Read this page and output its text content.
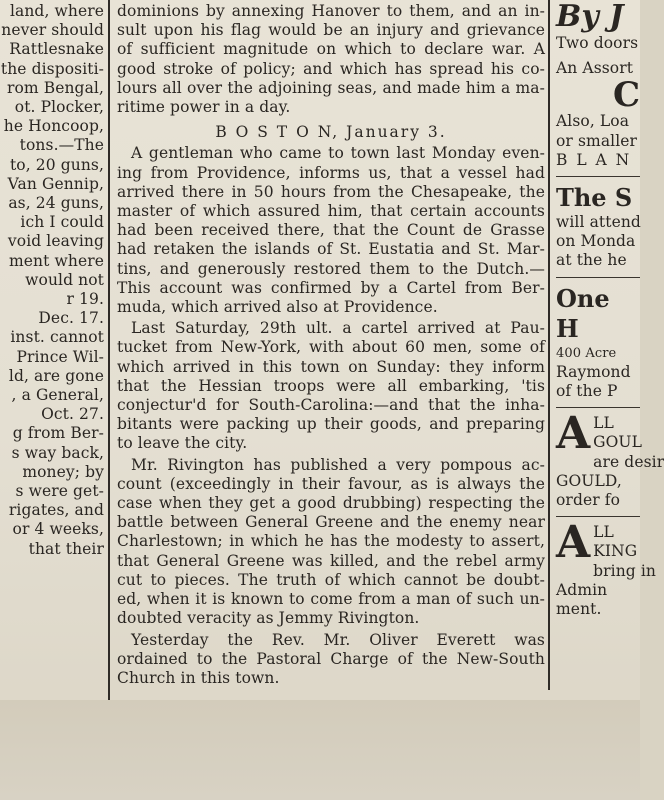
land, where
never should
Rattlesnake
the dispositi-
rom Bengal,
ot. Plocker,
he Honcoop,
tons.—The
to, 20 guns,
Van Gennip,
as, 24 guns,
ich I could
void leaving
ment where
would not
r 19.
Dec. 17.
inst. cannot
Prince Wil-
ld, are gone
, a General,
Oct. 27.
g from Ber-
s way back,
money; by
s were get-
rigates, and
or 4 weeks,
that their
dominions by annexing Hanover to them, and an in-
sult upon his flag would be an injury and grievance
of sufficient magnitude on which to declare war. A
good stroke of policy; and which has spread his co-
lours all over the adjoining seas, and made him a ma-
ritime power in a day.
B O S T O N, January 3.
A gentleman who came to town last Monday even-
ing from Providence, informs us, that a vessel had
arrived there in 50 hours from the Chesapeake, the
master of which assured him, that certain accounts
had been received there, that the Count de Grasse
had retaken the islands of St. Eustatia and St. Mar-
tins, and generously restored them to the Dutch.—
This account was confirmed by a Cartel from Ber-
muda, which arrived also at Providence.
Last Saturday, 29th ult. a cartel arrived at Pau-
tucket from New-York, with about 60 men, some of
which arrived in this town on Sunday: they inform
that the Hessian troops were all embarking, 'tis
conjectur'd for South-Carolina:—and that the inha-
bitants were packing up their goods, and preparing
to leave the city.
Mr. Rivington has published a very pompous ac-
count (exceedingly in their favour, as is always the
case when they get a good drubbing) respecting the
battle between General Greene and the enemy near
Charlestown; in which he has the modesty to assert,
that General Greene was killed, and the rebel army
cut to pieces. The truth of which cannot be doubt-
ed, when it is known to come from a man of such un-
doubted veracity as Jemmy Rivington.
Yesterday the Rev. Mr. Oliver Everett was
ordained to the Pastoral Charge of the New-South
Church in this town.
By J
Two doors
An Assort
C
Also, Loa
or smaller
B L A N
The S
will attend
on Monda
at the he
One H
400 Acre
Raymond
of the P
A LL
GOUL
are desir
GOULD,
order fo
A LL
KING
bring in
Admin
ment.
